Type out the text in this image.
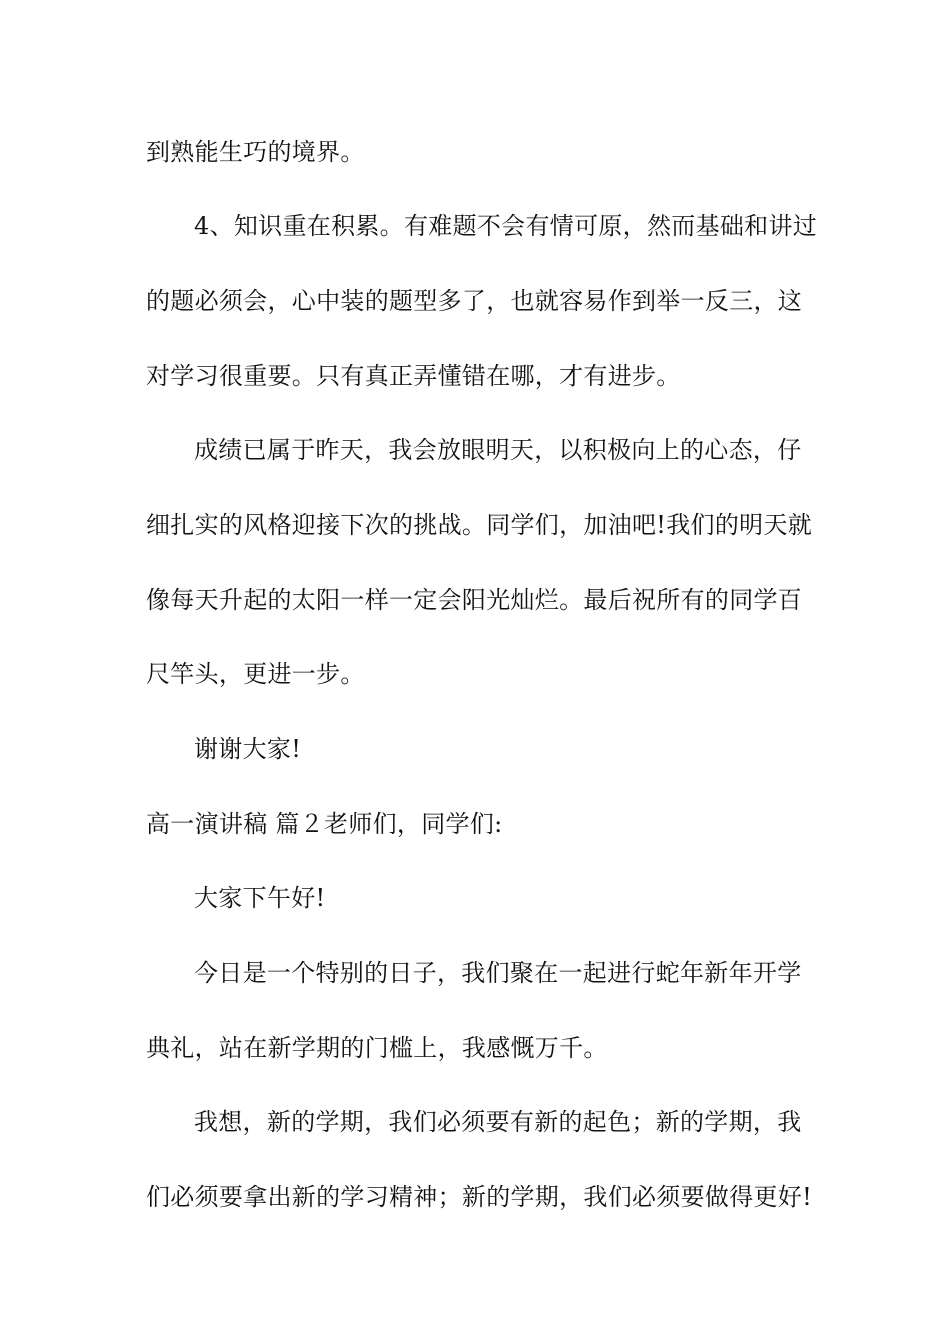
到熟能生巧的境界。
4、知识重在积累。有难题不会有情可原，然而基础和讲过
的题必须会，心中装的题型多了，也就容易作到举一反三，这
对学习很重要。只有真正弄懂错在哪，才有进步。
成绩已属于昨天，我会放眼明天，以积极向上的心态，仔
细扎实的风格迎接下次的挑战。同学们，加油吧!我们的明天就
像每天升起的太阳一样一定会阳光灿烂。最后祝所有的同学百
尺竿头，更进一步。
谢谢大家!
高一演讲稿 篇２老师们，同学们:
大家下午好!
今日是一个特别的日子，我们聚在一起进行蛇年新年开学
典礼，站在新学期的门槛上，我感慨万千。
我想，新的学期，我们必须要有新的起色；新的学期，我
们必须要拿出新的学习精神；新的学期，我们必须要做得更好!
